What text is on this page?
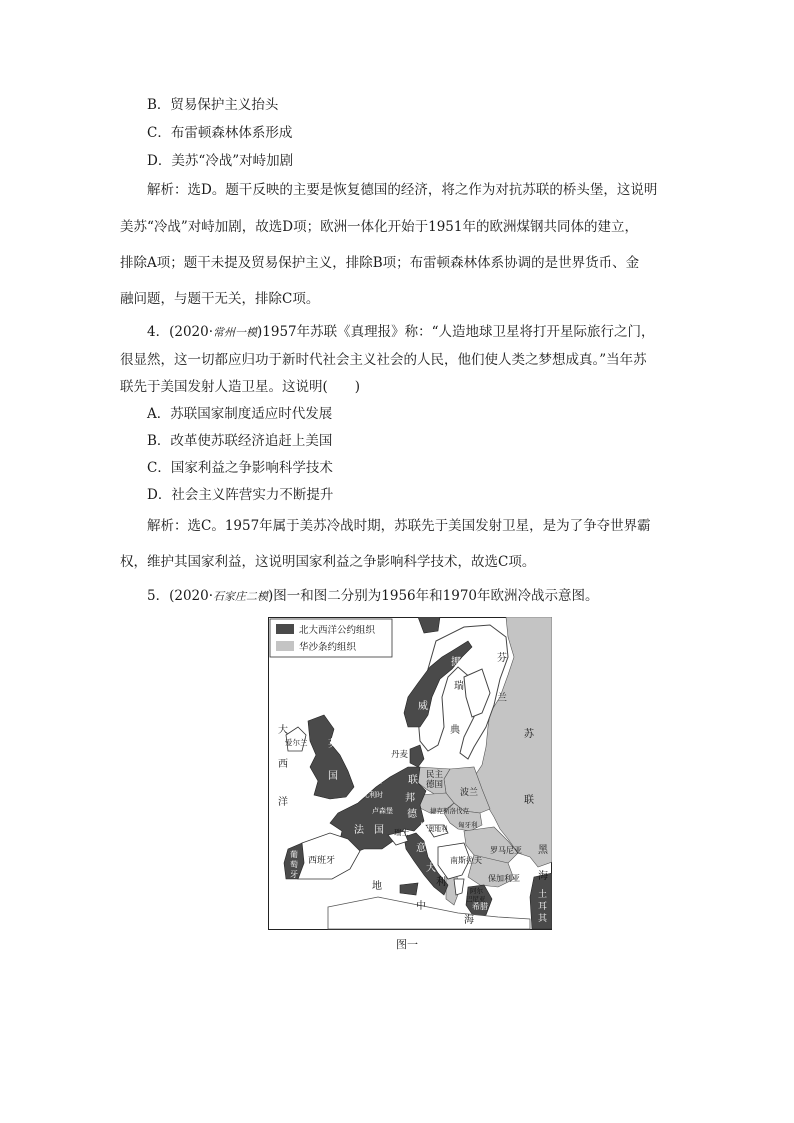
B．贸易保护主义抬头
C．布雷顿森林体系形成
D．美苏“冷战”对峙加剧
解析：选D。题干反映的主要是恢复德国的经济，将之作为对抗苏联的桥头堡，这说明
美苏“冷战”对峙加剧，故选D项；欧洲一体化开始于1951年的欧洲煤钢共同体的建立，
排除A项；题干未提及贸易保护主义，排除B项；布雷顿森林体系协调的是世界货币、金
融问题，与题干无关，排除C项。
4．(2020·常州一模)1957年苏联《真理报》称：“人造地球卫星将打开星际旅行之门，
很显然，这一切都应归功于新时代社会主义社会的人民，他们使人类之梦想成真。”当年苏
联先于美国发射人造卫星。这说明(　　)
A．苏联国家制度适应时代发展
B．改革使苏联经济追赶上美国
C．国家利益之争影响科学技术
D．社会主义阵营实力不断提升
解析：选C。1957年属于美苏冷战时期，苏联先于美国发射卫星，是为了争夺世界霸
权，维护其国家利益，这说明国家利益之争影响科学技术，故选C项。
5．(2020·石家庄二模)图一和图二分别为1956年和1970年欧洲冷战示意图。
北大西洋公约组织
华沙条约组织
挪
威
瑞
典
芬
兰
苏
联
大
西
洋
爱尔兰 英
国
丹麦
荷兰
比利时
卢森堡
联
邦
德
国
民主
德国
波兰
捷克斯洛伐克
奥地利 匈牙利
瑞士
法　国
罗马尼亚
葡
萄
牙
西班牙
意
大
利
南斯拉夫
保加利亚
阿尔
巴尼亚
希腊
土
耳
其
黑
海
地
中
海
图一
